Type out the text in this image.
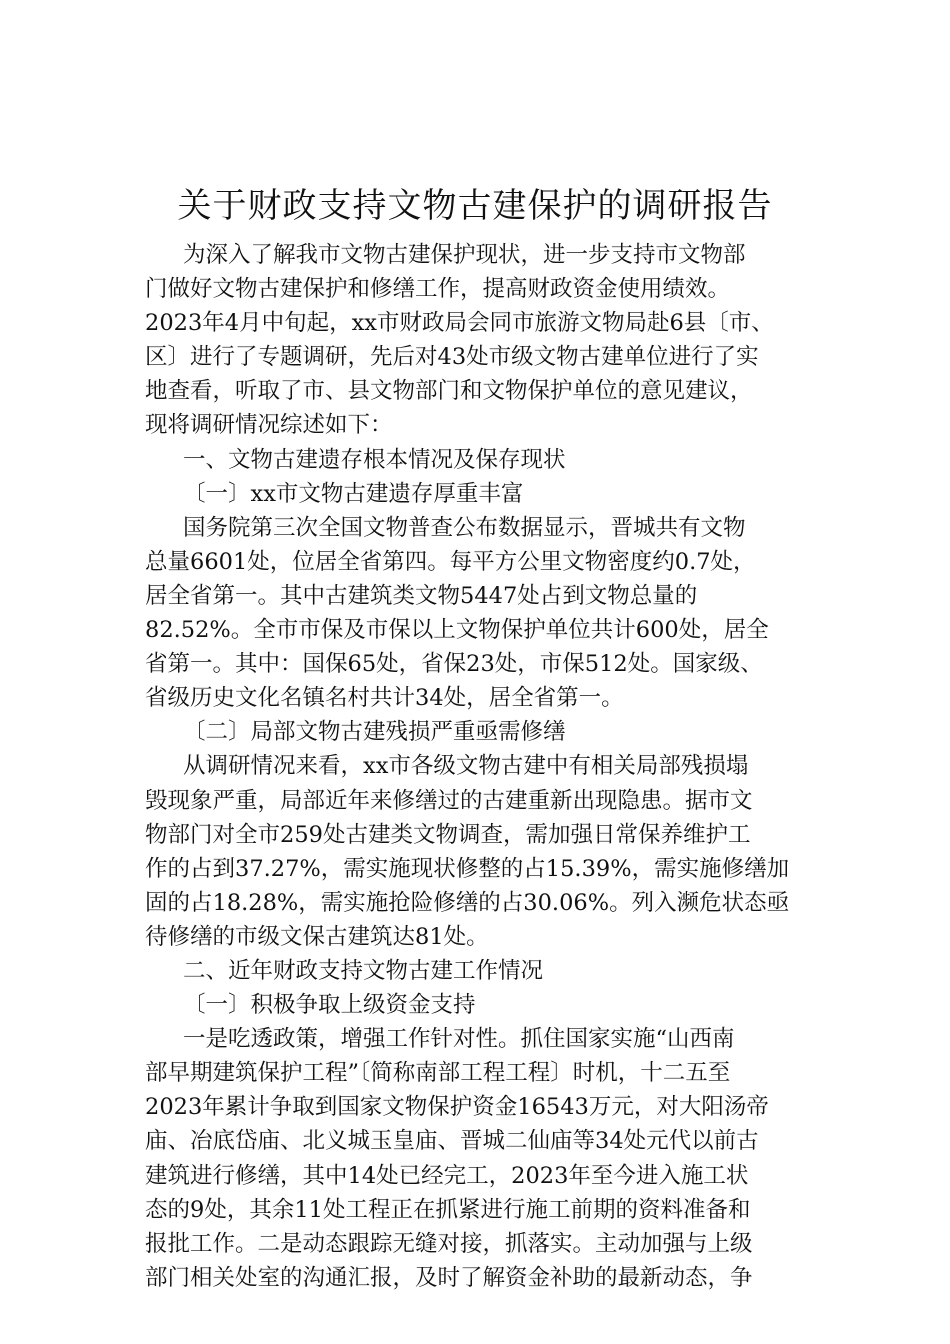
关于财政支持文物古建保护的调研报告
为深入了解我市文物古建保护现状，进一步支持市文物部
门做好文物古建保护和修缮工作，提高财政资金使用绩效。
2023年4月中旬起，xx市财政局会同市旅游文物局赴6县〔市、
区〕进行了专题调研，先后对43处市级文物古建单位进行了实
地查看，听取了市、县文物部门和文物保护单位的意见建议，
现将调研情况综述如下：
一、文物古建遗存根本情况及保存现状
〔一〕xx市文物古建遗存厚重丰富
国务院第三次全国文物普查公布数据显示，晋城共有文物
总量6601处，位居全省第四。每平方公里文物密度约0.7处，
居全省第一。其中古建筑类文物5447处占到文物总量的
82.52%。全市市保及市保以上文物保护单位共计600处，居全
省第一。其中：国保65处，省保23处，市保512处。国家级、
省级历史文化名镇名村共计34处，居全省第一。
〔二〕局部文物古建残损严重亟需修缮
从调研情况来看，xx市各级文物古建中有相关局部残损塌
毁现象严重，局部近年来修缮过的古建重新出现隐患。据市文
物部门对全市259处古建类文物调查，需加强日常保养维护工
作的占到37.27%，需实施现状修整的占15.39%，需实施修缮加
固的占18.28%，需实施抢险修缮的占30.06%。列入濒危状态亟
待修缮的市级文保古建筑达81处。
二、近年财政支持文物古建工作情况
〔一〕积极争取上级资金支持
一是吃透政策，增强工作针对性。抓住国家实施“山西南
部早期建筑保护工程”〔简称南部工程工程〕时机，十二五至
2023年累计争取到国家文物保护资金16543万元，对大阳汤帝
庙、冶底岱庙、北义城玉皇庙、晋城二仙庙等34处元代以前古
建筑进行修缮，其中14处已经完工，2023年至今进入施工状
态的9处，其余11处工程正在抓紧进行施工前期的资料准备和
报批工作。二是动态跟踪无缝对接，抓落实。主动加强与上级
部门相关处室的沟通汇报，及时了解资金补助的最新动态，争
